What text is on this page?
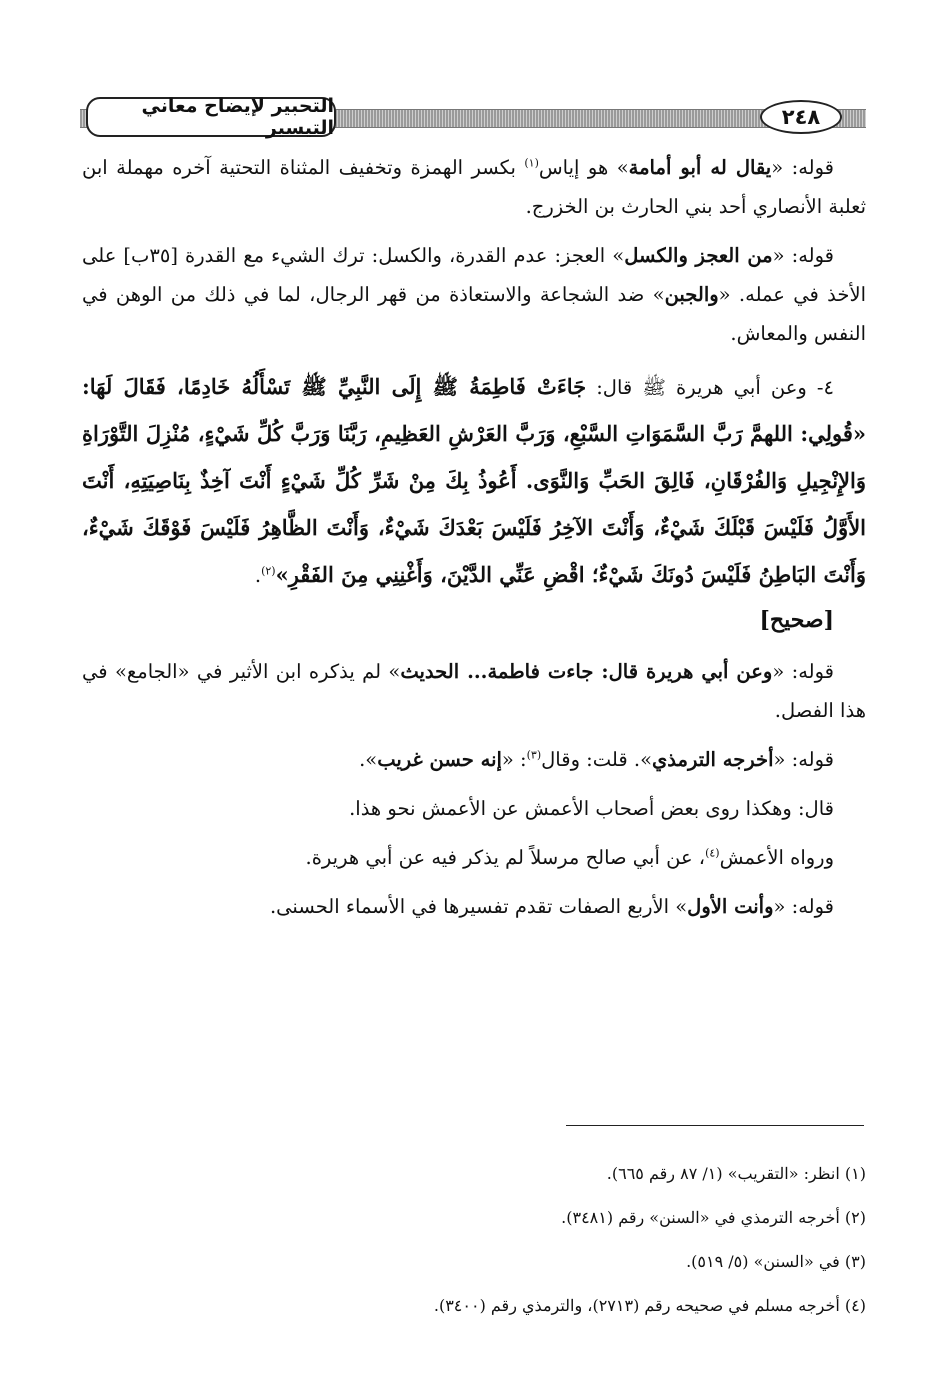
التحبير لإيضاح معاني التيسير	٢٤٨

قوله: «يقال له أبو أمامة» هو إياس$^{(١)}$ بكسر الهمزة وتخفيف المثناة التحتية آخره مهملة ابن ثعلبة الأنصاري أحد بني الحارث بن الخزرج.

قوله: «من العجز والكسل» العجز: عدم القدرة، والكسل: ترك الشيء مع القدرة [٣٥ب] على الأخذ في عمله. «والجبن» ضد الشجاعة والاستعاذة من قهر الرجال، لما في ذلك من الوهن في النفس والمعاش.

٤- وعن أبي هريرة ﷺ قال: جَاءَتْ فَاطِمَةُ ﷺ إِلَى النَّبِيِّ ﷺ تَسْأَلُهُ خَادِمًا، فَقَالَ لَهَا: «قُولِي: اللهمَّ رَبَّ السَّمَوَاتِ السَّبْعِ، وَرَبَّ العَرْشِ العَظِيمِ، رَبَّنَا وَرَبَّ كُلِّ شَيْءٍ، مُنْزِلَ التَّوْرَاةِ وَالإِنْجِيلِ وَالفُرْقَانِ، فَالِقَ الحَبِّ وَالنَّوَى. أَعُوذُ بِكَ مِنْ شَرِّ كُلِّ شَيْءٍ أَنْتَ آخِذٌ بِنَاصِيَتِهِ، أَنْتَ الأَوَّلُ فَلَيْسَ قَبْلَكَ شَيْءٌ، وَأَنْتَ الآخِرُ فَلَيْسَ بَعْدَكَ شَيْءٌ، وَأَنْتَ الظَّاهِرُ فَلَيْسَ فَوْقَكَ شَيْءٌ، وَأَنْتَ البَاطِنُ فَلَيْسَ دُونَكَ شَيْءٌ؛ اقْضِ عَنِّي الدَّيْنَ، وَأَغْنِنِي مِنَ الفَقْرِ»$^{(٢)}$.
[صحيح]

قوله: «وعن أبي هريرة قال: جاءت فاطمة... الحديث» لم يذكره ابن الأثير في «الجامع» في هذا الفصل.

قوله: «أخرجه الترمذي». قلت: وقال$^{(٣)}$: «إنه حسن غريب».

قال: وهكذا روى بعض أصحاب الأعمش عن الأعمش نحو هذا.

ورواه الأعمش$^{(٤)}$، عن أبي صالح مرسلاً لم يذكر فيه عن أبي هريرة.

قوله: «وأنت الأول» الأربع الصفات تقدم تفسيرها في الأسماء الحسنى.

(١) انظر: «التقريب» (١/ ٨٧ رقم ٦٦٥).

(٢) أخرجه الترمذي في «السنن» رقم (٣٤٨١).

(٣) في «السنن» (٥/ ٥١٩).

(٤) أخرجه مسلم في صحيحه رقم (٢٧١٣)، والترمذي رقم (٣٤٠٠).
